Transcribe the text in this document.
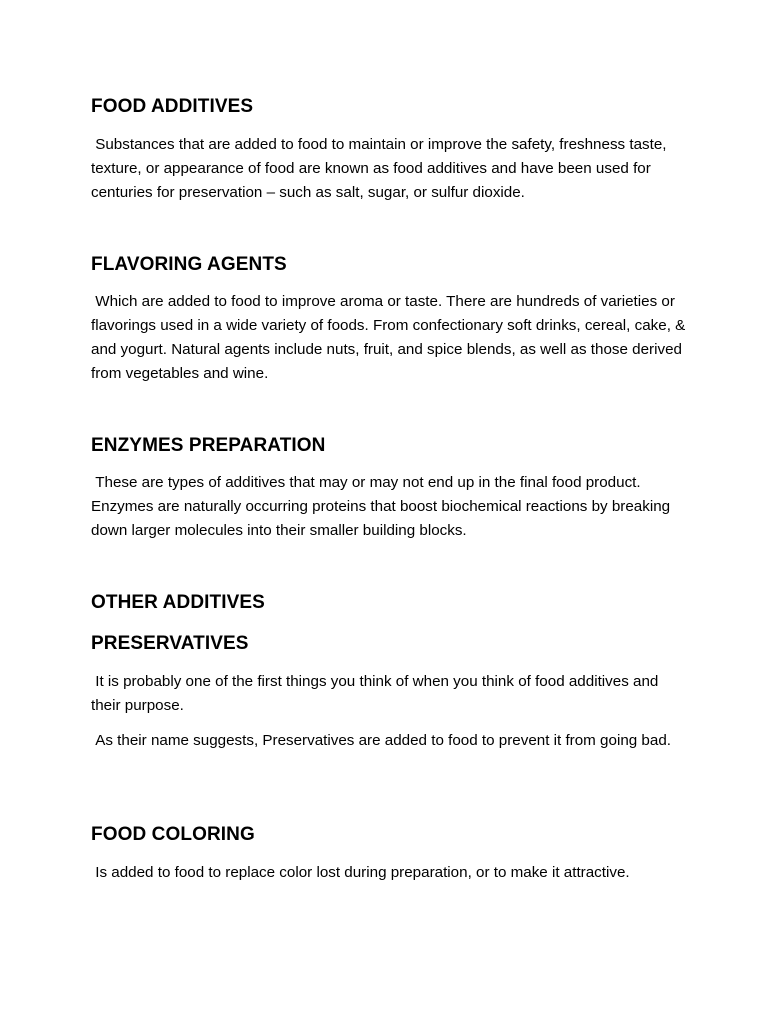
FOOD ADDITIVES

Substances that are added to food to maintain or improve the safety, freshness taste, texture, or appearance of food are known as food additives and have been used for centuries for preservation – such as salt, sugar, or sulfur dioxide.

FLAVORING AGENTS

Which are added to food to improve aroma or taste. There are hundreds of varieties or flavorings used in a wide variety of foods. From confectionary soft drinks, cereal, cake, & and yogurt. Natural agents include nuts, fruit, and spice blends, as well as those derived from vegetables and wine.

ENZYMES PREPARATION

These are types of additives that may or may not end up in the final food product. Enzymes are naturally occurring proteins that boost biochemical reactions by breaking down larger molecules into their smaller building blocks.

OTHER ADDITIVES
PRESERVATIVES

It is probably one of the first things you think of when you think of food additives and their purpose.

As their name suggests, Preservatives are added to food to prevent it from going bad.

FOOD COLORING

Is added to food to replace color lost during preparation, or to make it attractive.
